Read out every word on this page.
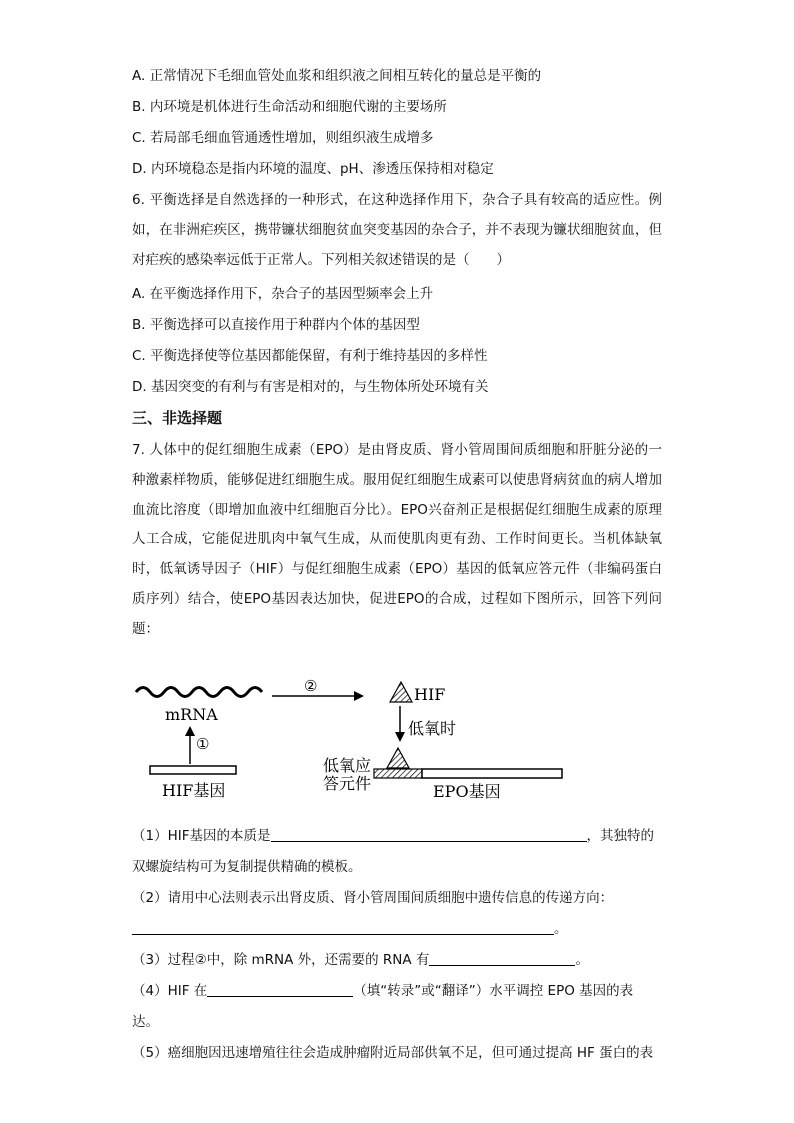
A. 正常情况下毛细血管处血浆和组织液之间相互转化的量总是平衡的
B. 内环境是机体进行生命活动和细胞代谢的主要场所
C. 若局部毛细血管通透性增加，则组织液生成增多
D. 内环境稳态是指内环境的温度、pH、渗透压保持相对稳定
6. 平衡选择是自然选择的一种形式，在这种选择作用下，杂合子具有较高的适应性。例如，在非洲疟疾区，携带镰状细胞贫血突变基因的杂合子，并不表现为镰状细胞贫血，但对疟疾的感染率远低于正常人。下列相关叙述错误的是（　　）
A. 在平衡选择作用下，杂合子的基因型频率会上升
B. 平衡选择可以直接作用于种群内个体的基因型
C. 平衡选择使等位基因都能保留，有利于维持基因的多样性
D. 基因突变的有利与有害是相对的，与生物体所处环境有关
三、非选择题
7. 人体中的促红细胞生成素（EPO）是由肾皮质、肾小管周围间质细胞和肝脏分泌的一种激素样物质，能够促进红细胞生成。服用促红细胞生成素可以使患肾病贫血的病人增加血流比溶度（即增加血液中红细胞百分比）。EPO兴奋剂正是根据促红细胞生成素的原理人工合成，它能促进肌肉中氧气生成，从而使肌肉更有劲、工作时间更长。当机体缺氧时，低氧诱导因子（HIF）与促红细胞生成素（EPO）基因的低氧应答元件（非编码蛋白质序列）结合，使EPO基因表达加快，促进EPO的合成，过程如下图所示，回答下列问题：
mRNA
①
HIF基因
②	HIF
低氧时
低氧应
答元件	EPO基因
（1）HIF基因的本质是	，其独特的
双螺旋结构可为复制提供精确的模板。
（2）请用中心法则表示出肾皮质、肾小管周围间质细胞中遗传信息的传递方向：
。
（3）过程②中，除 mRNA 外，还需要的 RNA 有	。
（4）HIF 在	（填“转录”或“翻译”）水平调控 EPO 基因的表
达。
（5）癌细胞因迅速增殖往往会造成肿瘤附近局部供氧不足，但可通过提高 HF 蛋白的表
